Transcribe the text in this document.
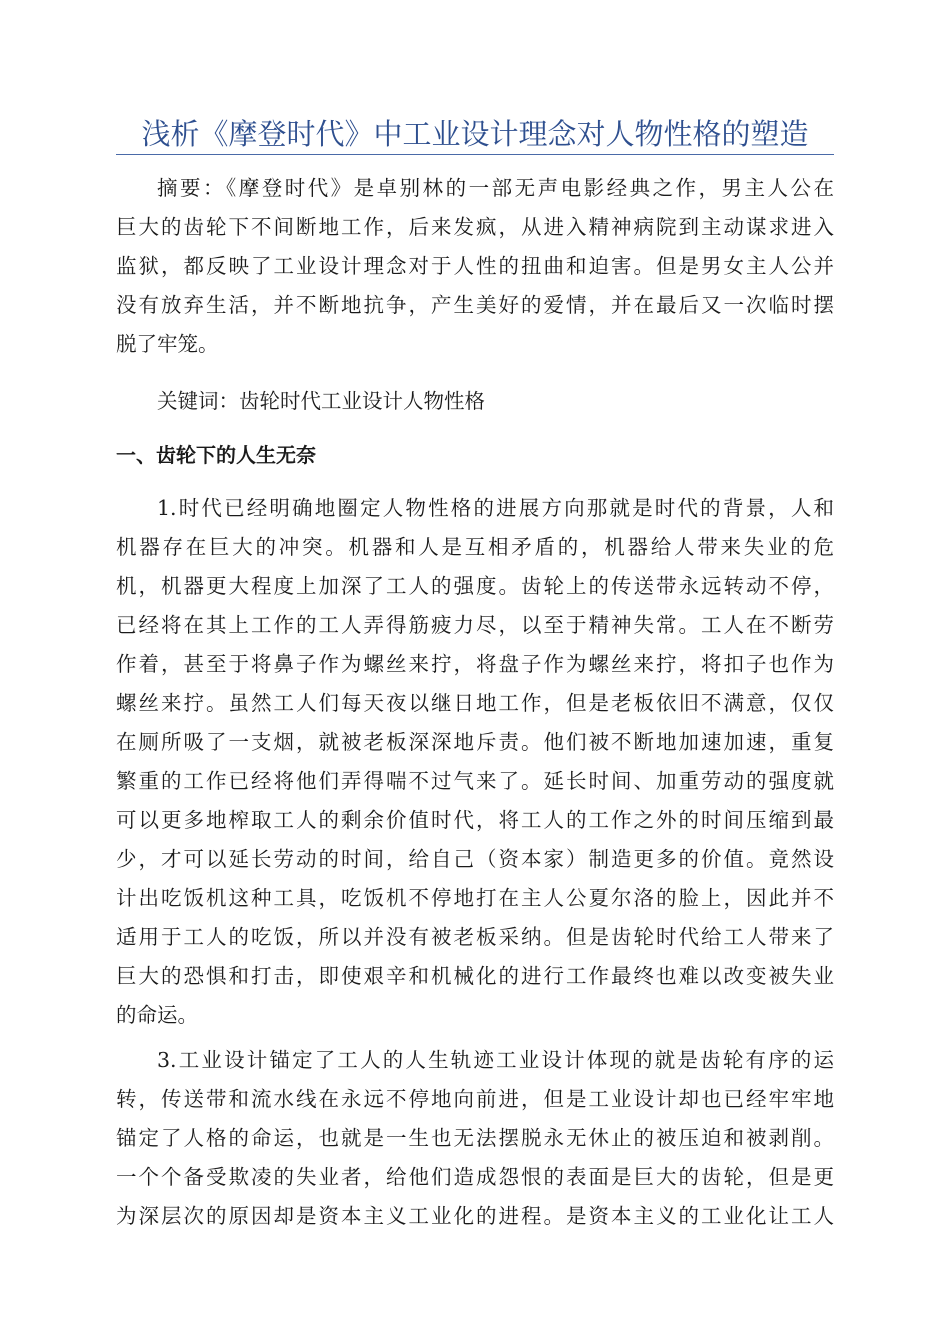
浅析《摩登时代》中工业设计理念对人物性格的塑造
摘要：《摩登时代》是卓别林的一部无声电影经典之作，男主人公在
巨大的齿轮下不间断地工作，后来发疯，从进入精神病院到主动谋求进入
监狱，都反映了工业设计理念对于人性的扭曲和迫害。但是男女主人公并
没有放弃生活，并不断地抗争，产生美好的爱情，并在最后又一次临时摆
脱了牢笼。

关键词：齿轮时代工业设计人物性格

一、齿轮下的人生无奈
1.时代已经明确地圈定人物性格的进展方向那就是时代的背景，人和
机器存在巨大的冲突。机器和人是互相矛盾的，机器给人带来失业的危
机，机器更大程度上加深了工人的强度。齿轮上的传送带永远转动不停，
已经将在其上工作的工人弄得筋疲力尽，以至于精神失常。工人在不断劳
作着，甚至于将鼻子作为螺丝来拧，将盘子作为螺丝来拧，将扣子也作为
螺丝来拧。虽然工人们每天夜以继日地工作，但是老板依旧不满意，仅仅
在厕所吸了一支烟，就被老板深深地斥责。他们被不断地加速加速，重复
繁重的工作已经将他们弄得喘不过气来了。延长时间、加重劳动的强度就
可以更多地榨取工人的剩余价值时代，将工人的工作之外的时间压缩到最
少，才可以延长劳动的时间，给自己（资本家）制造更多的价值。竟然设
计出吃饭机这种工具，吃饭机不停地打在主人公夏尔洛的脸上，因此并不
适用于工人的吃饭，所以并没有被老板采纳。但是齿轮时代给工人带来了
巨大的恐惧和打击，即使艰辛和机械化的进行工作最终也难以改变被失业
的命运。
3.工业设计锚定了工人的人生轨迹工业设计体现的就是齿轮有序的运
转，传送带和流水线在永远不停地向前进，但是工业设计却也已经牢牢地
锚定了人格的命运，也就是一生也无法摆脱永无休止的被压迫和被剥削。
一个个备受欺凌的失业者，给他们造成怨恨的表面是巨大的齿轮，但是更
为深层次的原因却是资本主义工业化的进程。是资本主义的工业化让工人
